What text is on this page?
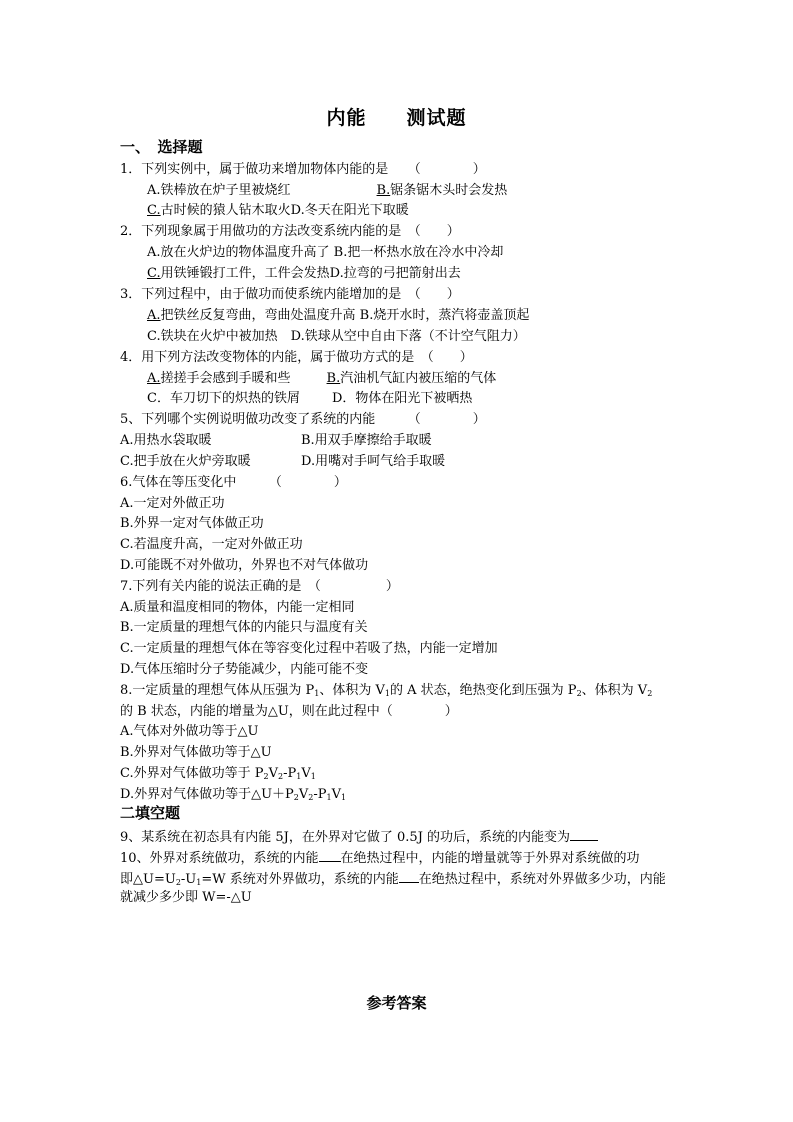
内能　　测试题
一、　选择题
1．下列实例中，属于做功来增加物体内能的是　　（　　　　）
A.铁棒放在炉子里被烧红	B.锯条锯木头时会发热
C.古时候的猿人钻木取火D.冬天在阳光下取暖
2．下列现象属于用做功的方法改变系统内能的是　（　　）
A.放在火炉边的物体温度升高了 B.把一杯热水放在冷水中冷却
C.用铁锤锻打工件，工件会发热D.拉弯的弓把箭射出去
3．下列过程中，由于做功而使系统内能增加的是　（　　）
A.把铁丝反复弯曲，弯曲处温度升高 B.烧开水时，蒸汽将壶盖顶起
C.铁块在火炉中被加热　D.铁球从空中自由下落（不计空气阻力）
4．用下列方法改变物体的内能，属于做功方式的是　（　　）
A.搓搓手会感到手暖和些	B.汽油机气缸内被压缩的气体
C．车刀切下的炽热的铁屑 D．物体在阳光下被晒热
5、下列哪个实例说明做功改变了系统的内能　　　（　　　　）
A.用热水袋取暖	B.用双手摩擦给手取暖
C.把手放在火炉旁取暖	D.用嘴对手呵气给手取暖
6.气体在等压变化中　　　（　　　　）
A.一定对外做正功
B.外界一定对气体做正功
C.若温度升高，一定对外做正功
D.可能既不对外做功，外界也不对气体做功
7.下列有关内能的说法正确的是　（　　　　　）
A.质量和温度相同的物体，内能一定相同
B.一定质量的理想气体的内能只与温度有关
C.一定质量的理想气体在等容变化过程中若吸了热，内能一定增加
D.气体压缩时分子势能减少，内能可能不变
8.一定质量的理想气体从压强为 $P_1$、体积为 $V_1$的 A 状态，绝热变化到压强为 $P_2$、体积为 $V_2$
的 B 状态，内能的增量为△U，则在此过程中（　　　　）
A.气体对外做功等于△U
B.外界对气体做功等于△U
C.外界对气体做功等于 $P_2V_2-P_1V_1$
D.外界对气体做功等于$\triangle U+P_2V_2-P_1V_1$
二填空题
9、某系统在初态具有内能 5J，在外界对它做了 0.5J 的功后，系统的内能变为
10、外界对系统做功，系统的内能 在绝热过程中，内能的增量就等于外界对系统做的功
即$\triangle U=U_2-U_1=W$ 系统对外界做功，系统的内能 在绝热过程中，系统对外界做多少功，内能
就减少多少即 W=-△U
参考答案
